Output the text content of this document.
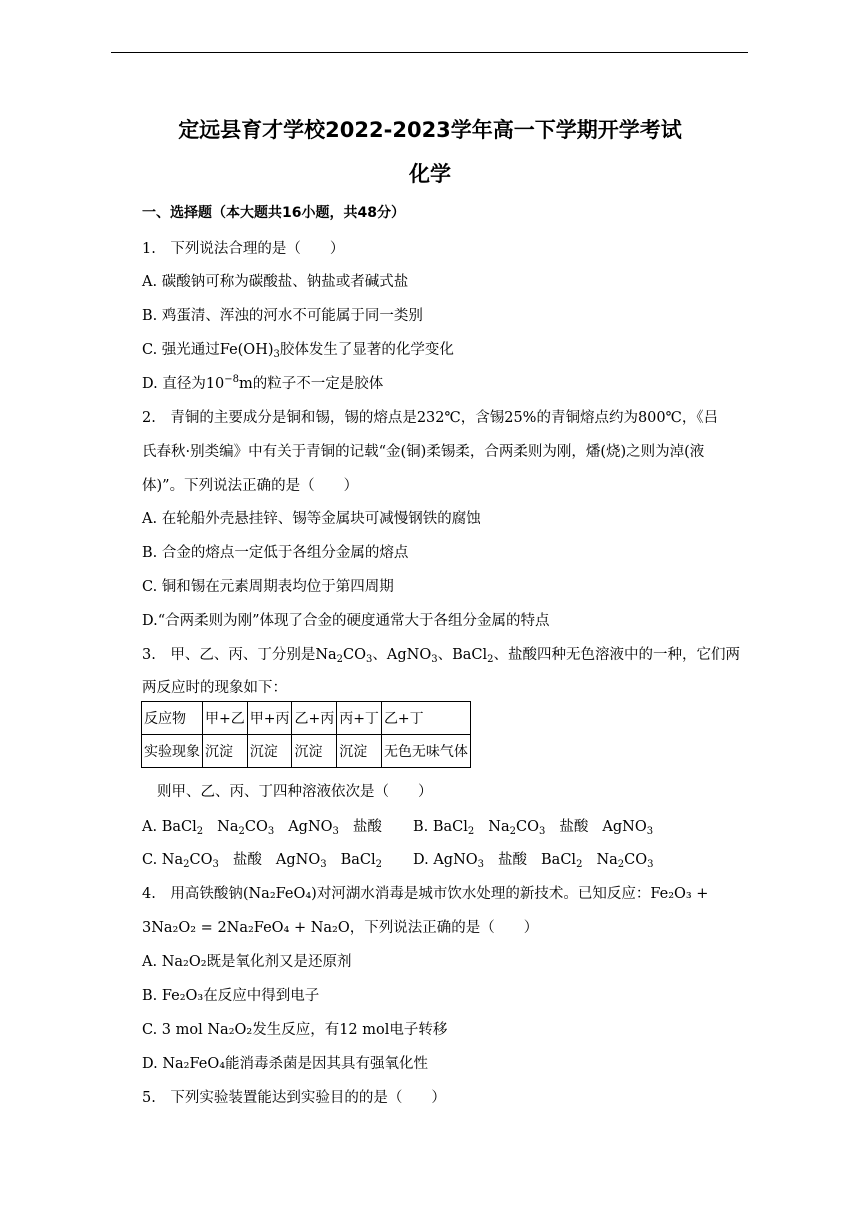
定远县育才学校2022-2023学年高一下学期开学考试
化学
一、选择题（本大题共16小题，共48分）
1.　下列说法合理的是（　　）
A. 碳酸钠可称为碳酸盐、钠盐或者碱式盐
B. 鸡蛋清、浑浊的河水不可能属于同一类别
C. 强光通过$Fe(OH)_3$胶体发生了显著的化学变化
D. 直径为$10^{-8}m$的粒子不一定是胶体
2.　青铜的主要成分是铜和锡，锡的熔点是232℃，含锡25%的青铜熔点约为800℃，《吕
氏春秋·别类编》中有关于青铜的记载“金(铜)柔锡柔，合两柔则为刚，燔(烧)之则为淖(液
体)”。下列说法正确的是（　　）
A. 在轮船外壳悬挂锌、锡等金属块可减慢钢铁的腐蚀
B. 合金的熔点一定低于各组分金属的熔点
C. 铜和锡在元素周期表均位于第四周期
D.“合两柔则为刚”体现了合金的硬度通常大于各组分金属的特点
3.　甲、乙、丙、丁分别是$Na_2CO_3$、AgNO$_3$、BaCl$_2$、盐酸四种无色溶液中的一种，它们两
两反应时的现象如下：
反应物	甲+乙	甲+丙	乙+丙	丙+丁	乙+丁
实验现象	沉淀	沉淀	沉淀	沉淀	无色无味气体
则甲、乙、丙、丁四种溶液依次是（　　）
A. BaCl$_2$ $Na_2CO_3$ AgNO$_3$ 盐酸 B. BaCl$_2$ $Na_2CO_3$ 盐酸 AgNO$_3$
C. $Na_2CO_3$ 盐酸 AgNO$_3$ BaCl$_2$ D. AgNO$_3$ 盐酸 BaCl$_2$ $Na_2CO_3$
4.　用高铁酸钠(Na₂FeO₄)对河湖水消毒是城市饮水处理的新技术。已知反应：Fe₂O₃ +
3Na₂O₂ = 2Na₂FeO₄ + Na₂O，下列说法正确的是（　　）
A. Na₂O₂既是氧化剂又是还原剂
B. Fe₂O₃在反应中得到电子
C. 3 mol Na₂O₂发生反应，有12 mol电子转移
D. Na₂FeO₄能消毒杀菌是因其具有强氧化性
5.　下列实验装置能达到实验目的的是（　　）
